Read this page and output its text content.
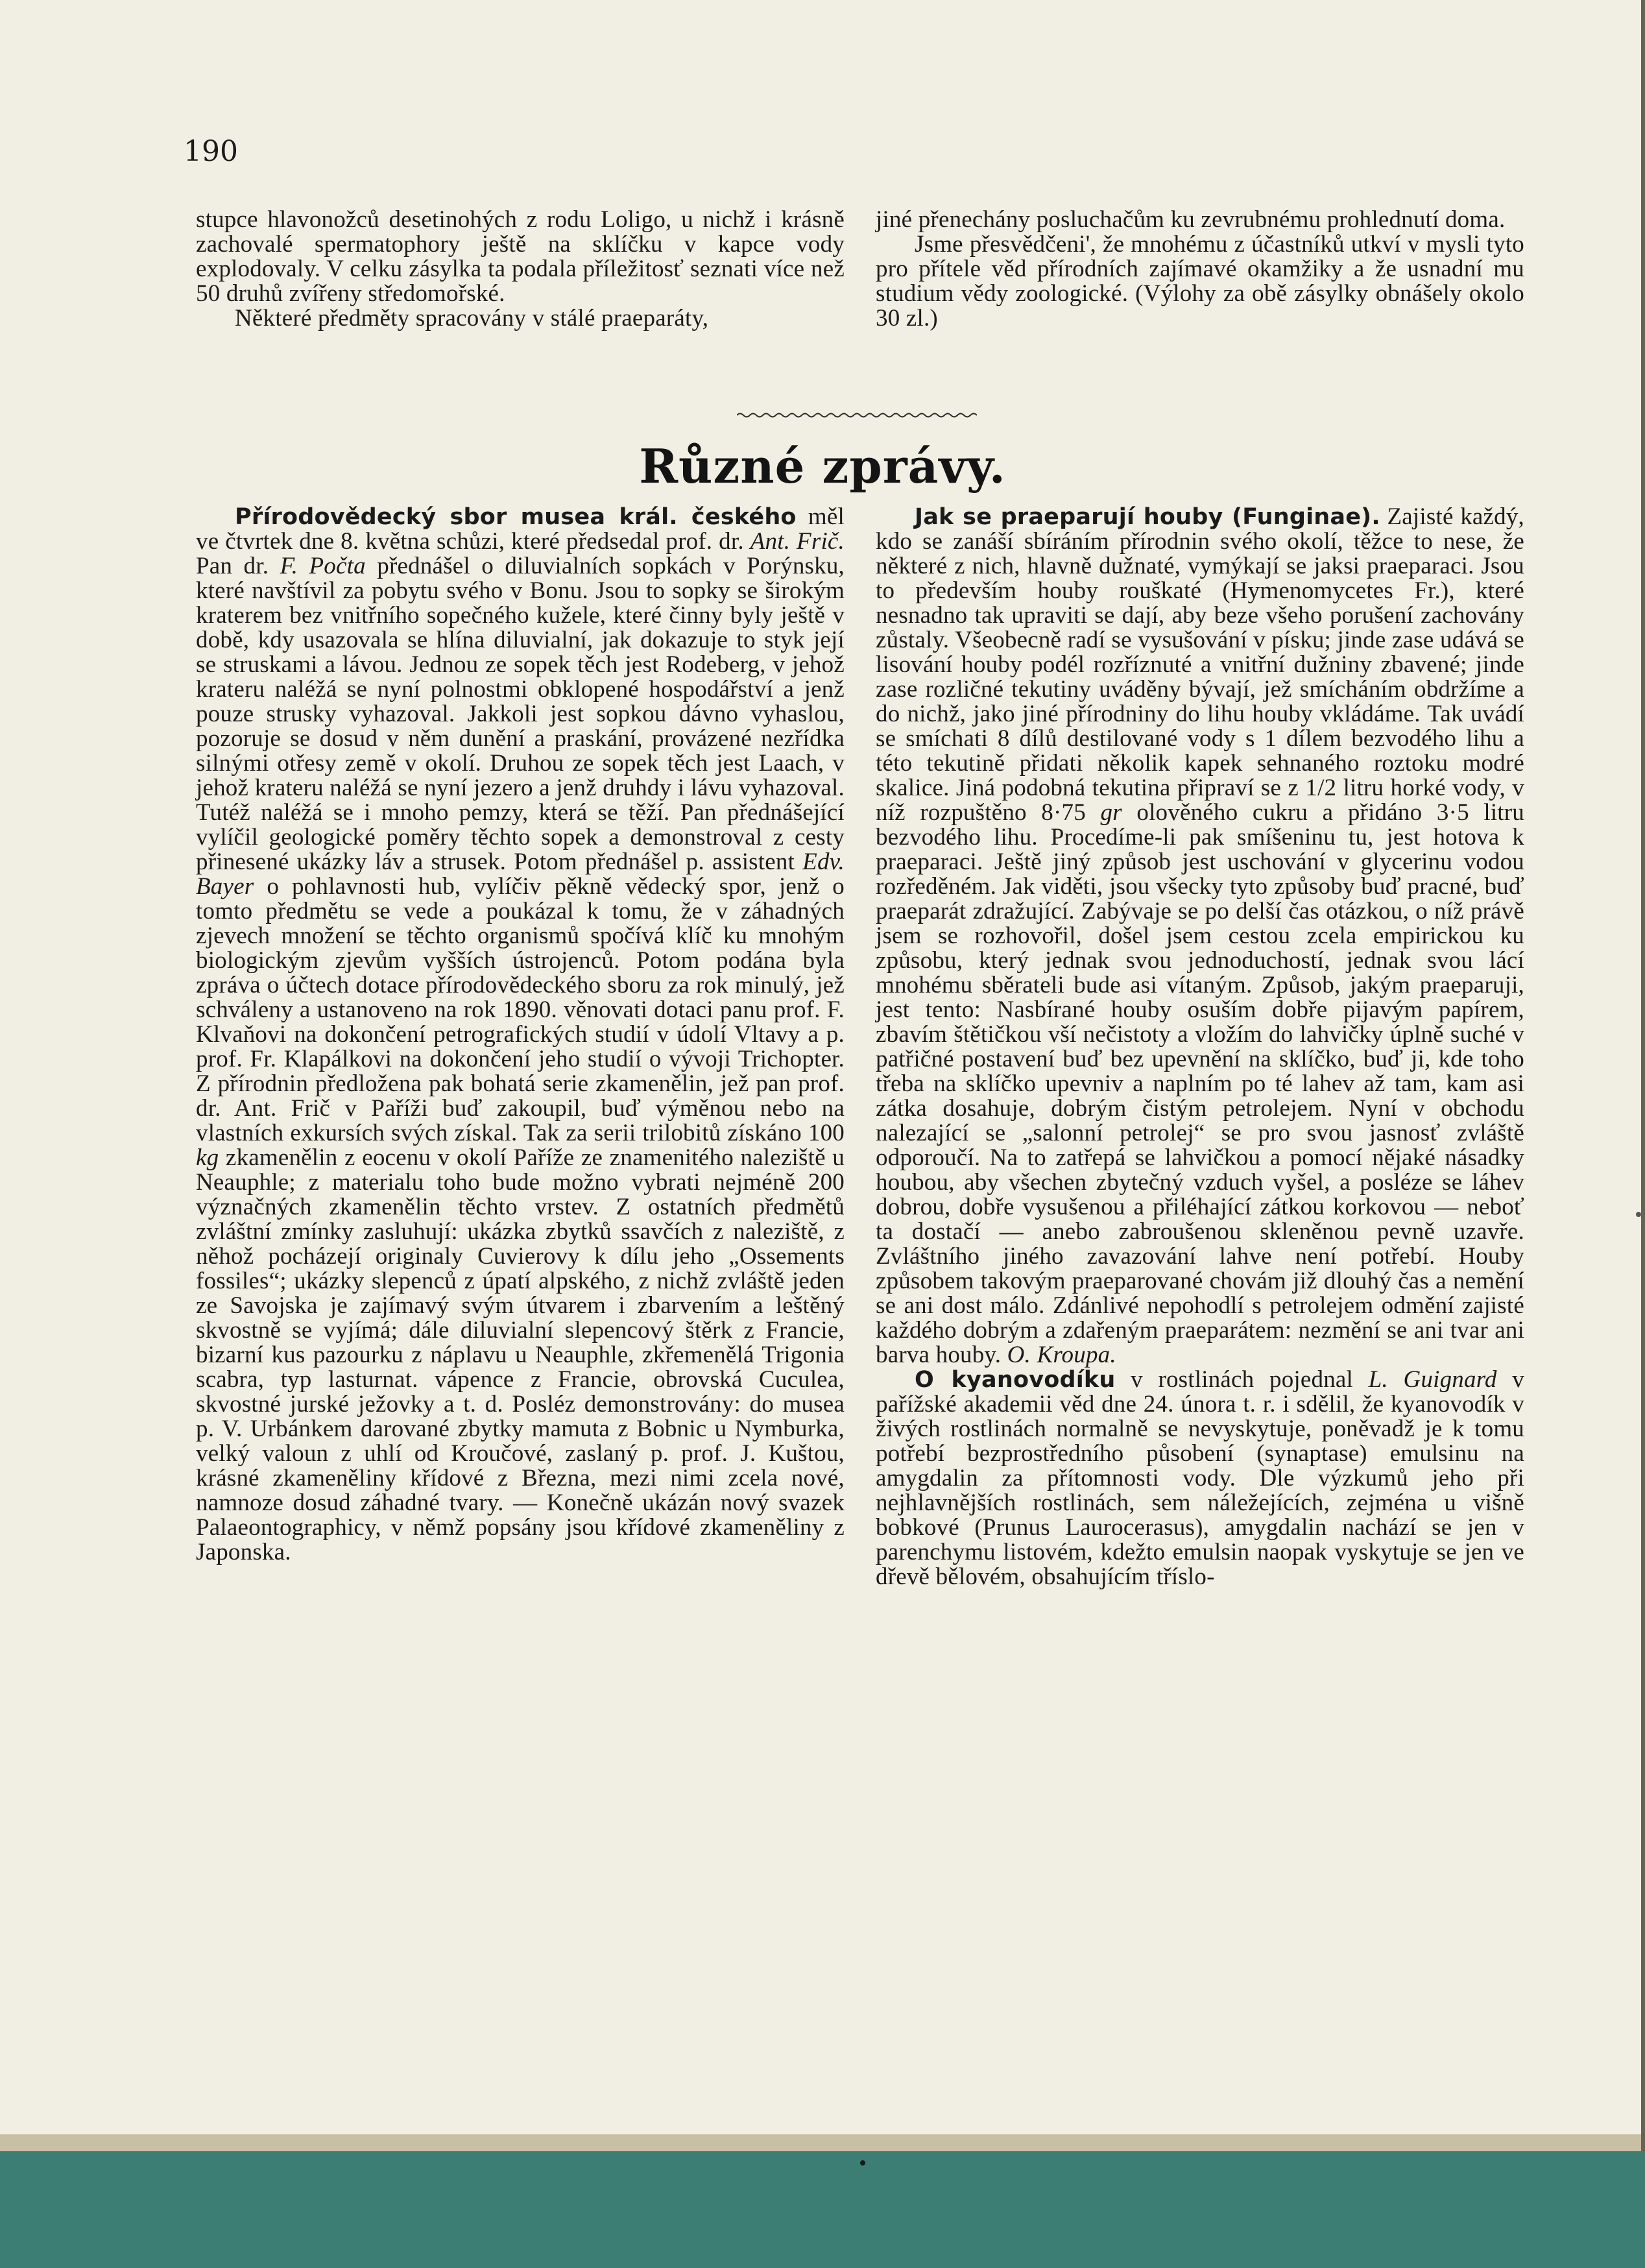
190

stupce hlavonožců desetinohých z rodu Loligo, u nichž i krásně zachovalé spermatophory ještě na sklíčku v kapce vody explodovaly. V celku zásylka ta podala příležitosť seznati více než 50 druhů zvířeny středomořské.

Některé předměty spracovány v stálé praeparáty,

jiné přenechány posluchačům ku zevrubnému prohlednutí doma.

Jsme přesvědčeni', že mnohému z účastníků utkví v mysli tyto pro přítele věd přírodních zajímavé okamžiky a že usnadní mu studium vědy zoologické. (Výlohy za obě zásylky obnášely okolo 30 zl.)

Různé zprávy.

Přírodovědecký sbor musea král. českého měl ve čtvrtek dne 8. května schůzi, které předsedal prof. dr. Ant. Frič. Pan dr. F. Počta přednášel o diluvialních sopkách v Porýnsku, které navštívil za pobytu svého v Bonu. Jsou to sopky se širokým kraterem bez vnitřního sopečného kužele, které činny byly ještě v době, kdy usazovala se hlína diluvialní, jak dokazuje to styk její se struskami a lávou. Jednou ze sopek těch jest Rodeberg, v jehož krateru naléžá se nyní polnostmi obklopené hospodářství a jenž pouze strusky vyhazoval. Jakkoli jest sopkou dávno vyhaslou, pozoruje se dosud v něm dunění a praskání, provázené nezřídka silnými otřesy země v okolí. Druhou ze sopek těch jest Laach, v jehož krateru naléžá se nyní jezero a jenž druhdy i lávu vyhazoval. Tutéž naléžá se i mnoho pemzy, která se těží. Pan přednášející vylíčil geologické poměry těchto sopek a demonstroval z cesty přinesené ukázky láv a strusek. Potom přednášel p. assistent Edv. Bayer o pohlavnosti hub, vylíčiv pěkně vědecký spor, jenž o tomto předmětu se vede a poukázal k tomu, že v záhadných zjevech množení se těchto organismů spočívá klíč ku mnohým biologickým zjevům vyšších ústrojenců. Potom podána byla zpráva o účtech dotace přírodovědeckého sboru za rok minulý, jež schváleny a ustanoveno na rok 1890. věnovati dotaci panu prof. F. Klvaňovi na dokončení petrografických studií v údolí Vltavy a p. prof. Fr. Klapálkovi na dokončení jeho studií o vývoji Trichopter. Z přírodnin předložena pak bohatá serie zkamenělin, jež pan prof. dr. Ant. Frič v Paříži buď zakoupil, buď výměnou nebo na vlastních exkursích svých získal. Tak za serii trilobitů získáno 100 kg zkamenělin z eocenu v okolí Paříže ze znamenitého naleziště u Neauphle; z materialu toho bude možno vybrati nejméně 200 význačných zkamenělin těchto vrstev. Z ostatních předmětů zvláštní zmínky zasluhují: ukázka zbytků ssavčích z naleziště, z něhož pocházejí originaly Cuvierovy k dílu jeho „Ossements fossiles“; ukázky slepenců z úpatí alpského, z nichž zvláště jeden ze Savojska je zajímavý svým útvarem i zbarvením a leštěný skvostně se vyjímá; dále diluvialní slepencový štěrk z Francie, bizarní kus pazourku z náplavu u Neauphle, zkřemenělá Trigonia scabra, typ lasturnat. vápence z Francie, obrovská Cuculea, skvostné jurské ježovky a t. d. Posléz demonstrovány: do musea p. V. Urbánkem darované zbytky mamuta z Bobnic u Nymburka, velký valoun z uhlí od Kroučové, zaslaný p. prof. J. Kuštou, krásné zkameněliny křídové z Března, mezi nimi zcela nové, namnoze dosud záhadné tvary. — Konečně ukázán nový svazek Palaeontographicy, v němž popsány jsou křídové zkameněliny z Japonska.

Jak se praeparují houby (Funginae). Zajisté každý, kdo se zanáší sbíráním přírodnin svého okolí, těžce to nese, že některé z nich, hlavně dužnaté, vymýkají se jaksi praeparaci. Jsou to především houby rouškaté (Hymenomycetes Fr.), které nesnadno tak upraviti se dají, aby beze všeho porušení zachovány zůstaly. Všeobecně radí se vysušování v písku; jinde zase udává se lisování houby podél rozříznuté a vnitřní dužniny zbavené; jinde zase rozličné tekutiny uváděny bývají, jež smícháním obdržíme a do nichž, jako jiné přírodniny do lihu houby vkládáme. Tak uvádí se smíchati 8 dílů destilované vody s 1 dílem bezvodého lihu a této tekutině přidati několik kapek sehnaného roztoku modré skalice. Jiná podobná tekutina připraví se z 1/2 litru horké vody, v níž rozpuštěno 8·75 gr olověného cukru a přidáno 3·5 litru bezvodého lihu. Procedíme-li pak smíšeninu tu, jest hotova k praeparaci. Ještě jiný způsob jest uschování v glycerinu vodou rozředěném. Jak viděti, jsou všecky tyto způsoby buď pracné, buď praeparát zdražující. Zabývaje se po delší čas otázkou, o níž právě jsem se rozhovořil, došel jsem cestou zcela empirickou ku způsobu, který jednak svou jednoduchostí, jednak svou lácí mnohému sběrateli bude asi vítaným. Způsob, jakým praeparuji, jest tento: Nasbírané houby osuším dobře pijavým papírem, zbavím štětičkou vší nečistoty a vložím do lahvičky úplně suché v patřičné postavení buď bez upevnění na sklíčko, buď ji, kde toho třeba na sklíčko upevniv a naplním po té lahev až tam, kam asi zátka dosahuje, dobrým čistým petrolejem. Nyní v obchodu nalezající se „salonní petrolej“ se pro svou jasnosť zvláště odporoučí. Na to zatřepá se lahvičkou a pomocí nějaké násadky houbou, aby všechen zbytečný vzduch vyšel, a posléze se láhev dobrou, dobře vysušenou a přiléhající zátkou korkovou — neboť ta dostačí — anebo zabroušenou skleněnou pevně uzavře. Zvláštního jiného zavazování lahve není potřebí. Houby způsobem takovým praeparované chovám již dlouhý čas a nemění se ani dost málo. Zdánlivé nepohodlí s petrolejem odmění zajisté každého dobrým a zdařeným praeparátem: nezmění se ani tvar ani barva houby. O. Kroupa.

O kyanovodíku v rostlinách pojednal L. Guignard v pařížské akademii věd dne 24. února t. r. i sdělil, že kyanovodík v živých rostlinách normalně se nevyskytuje, poněvadž je k tomu potřebí bezprostředního působení (synaptase) emulsinu na amygdalin za přítomnosti vody. Dle výzkumů jeho při nejhlavnějších rostlinách, sem náležejících, zejména u višně bobkové (Prunus Laurocerasus), amygdalin nachází se jen v parenchymu listovém, kdežto emulsin naopak vyskytuje se jen ve dřevě bělovém, obsahujícím tříslo-
